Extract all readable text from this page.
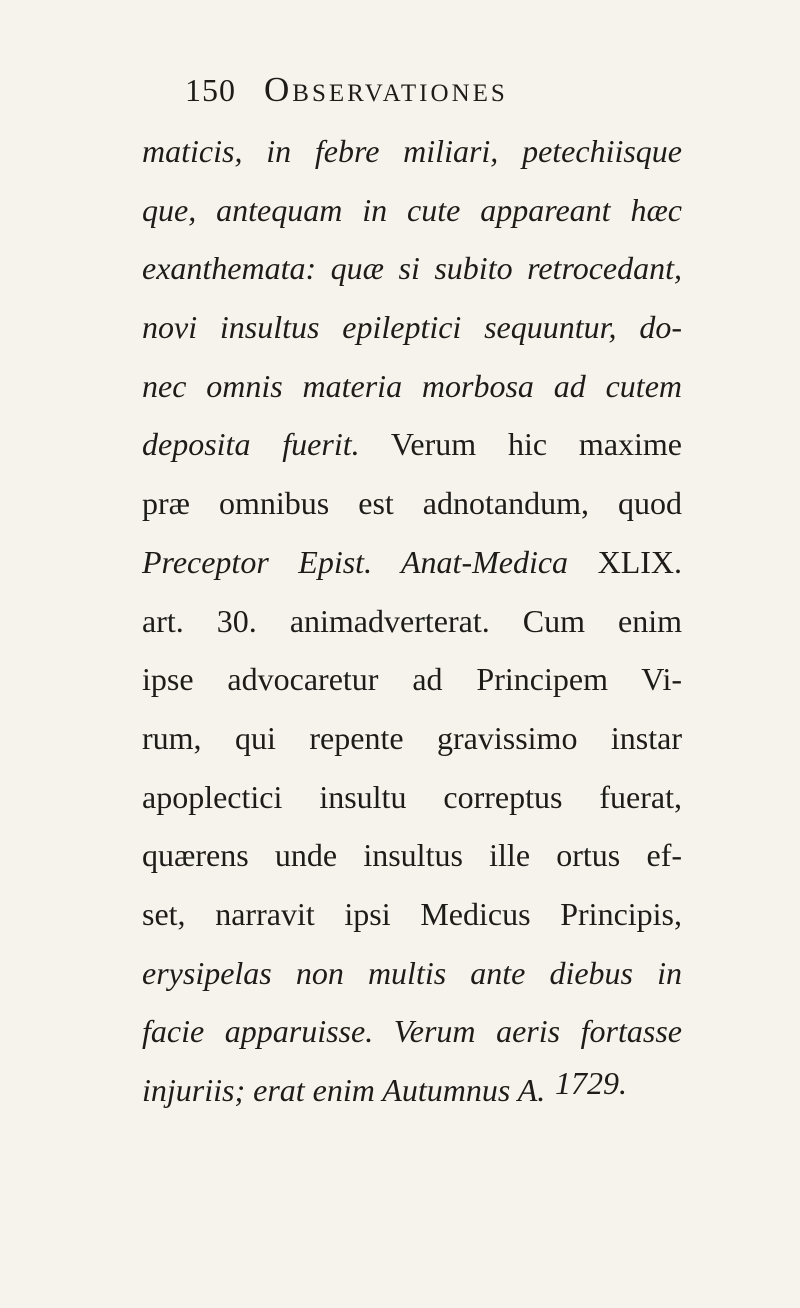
150 Observationes
maticis, in febre miliari, petechiisque
que, antequam in cute appareant hæc
exanthemata: quæ si subito retrocedant,
novi insultus epileptici sequuntur, do-
nec omnis materia morbosa ad cutem
deposita fuerit. Verum hic maxime
præ omnibus est adnotandum, quod
Preceptor Epist. Anat-Medica XLIX.
art. 30. animadverterat. Cum enim
ipse advocaretur ad Principem Vi-
rum, qui repente gravissimo instar
apoplectici insultu correptus fuerat,
quærens unde insultus ille ortus ef-
set, narravit ipsi Medicus Principis,
erysipelas non multis ante diebus in
facie apparuisse. Verum aeris fortasse
injuriis; erat enim Autumnus A. 1729.
